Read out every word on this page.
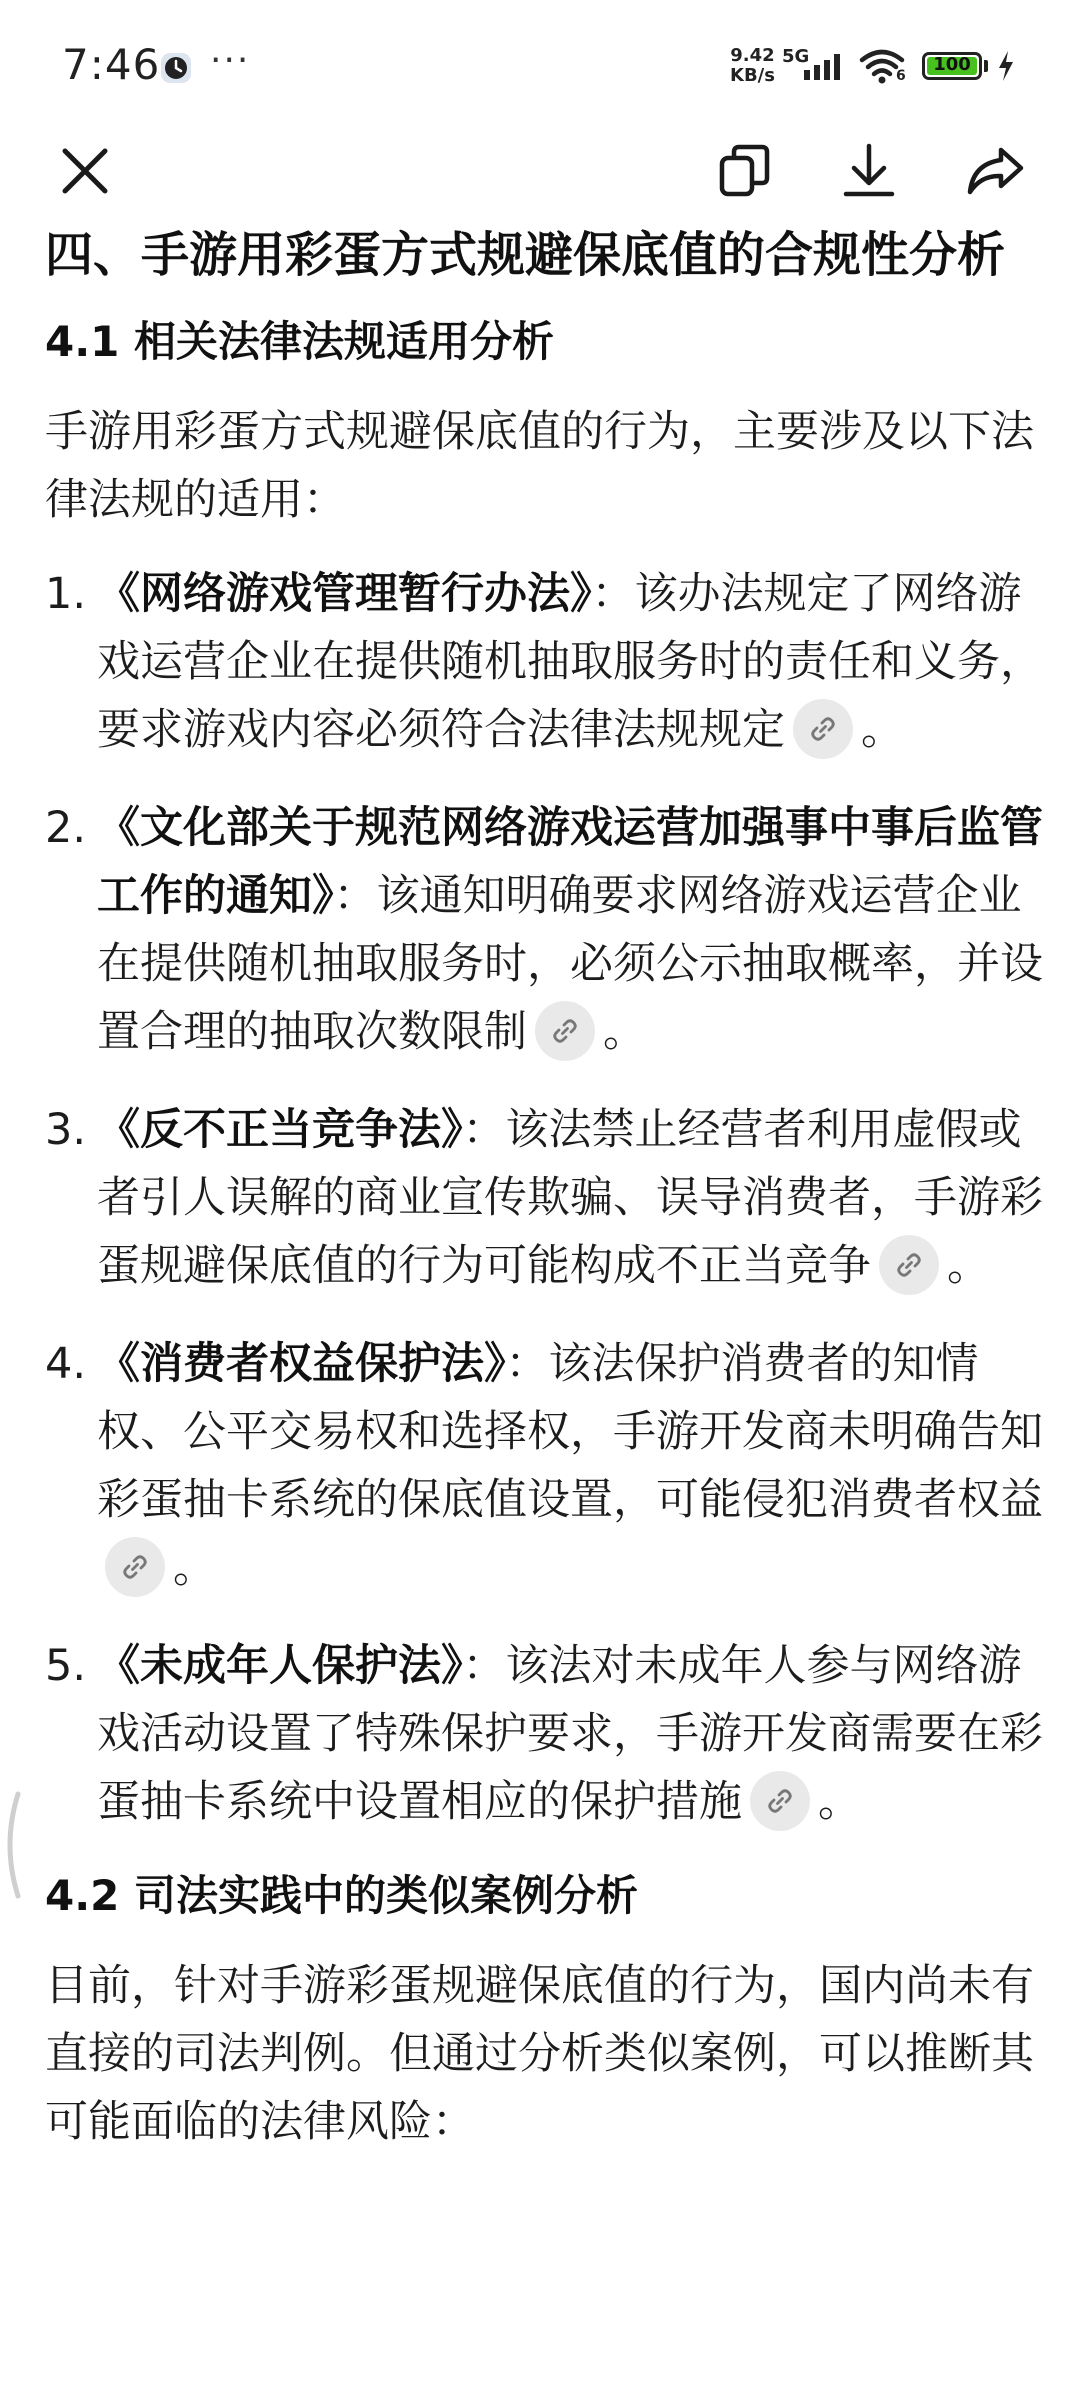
7:46 ···	9.42
KB/s
5G
6
100
四、手游用彩蛋方式规避保底值的合规性分析
4.1 相关法律法规适用分析

手游用彩蛋方式规避保底值的行为，主要涉及以下法律法规的适用：

1. 《网络游戏管理暂行办法》：该办法规定了网络游戏运营企业在提供随机抽取服务时的责任和义务，要求游戏内容必须符合法律法规规定 。
2. 《文化部关于规范网络游戏运营加强事中事后监管工作的通知》：该通知明确要求网络游戏运营企业在提供随机抽取服务时，必须公示抽取概率，并设置合理的抽取次数限制 。
3. 《反不正当竞争法》：该法禁止经营者利用虚假或者引人误解的商业宣传欺骗、误导消费者，手游彩蛋规避保底值的行为可能构成不正当竞争 。
4. 《消费者权益保护法》：该法保护消费者的知情权、公平交易权和选择权，手游开发商未明确告知彩蛋抽卡系统的保底值设置，可能侵犯消费者权益
。
5. 《未成年人保护法》：该法对未成年人参与网络游戏活动设置了特殊保护要求，手游开发商需要在彩蛋抽卡系统中设置相应的保护措施 。
4.2 司法实践中的类似案例分析

目前，针对手游彩蛋规避保底值的行为，国内尚未有直接的司法判例。但通过分析类似案例，可以推断其可能面临的法律风险：
